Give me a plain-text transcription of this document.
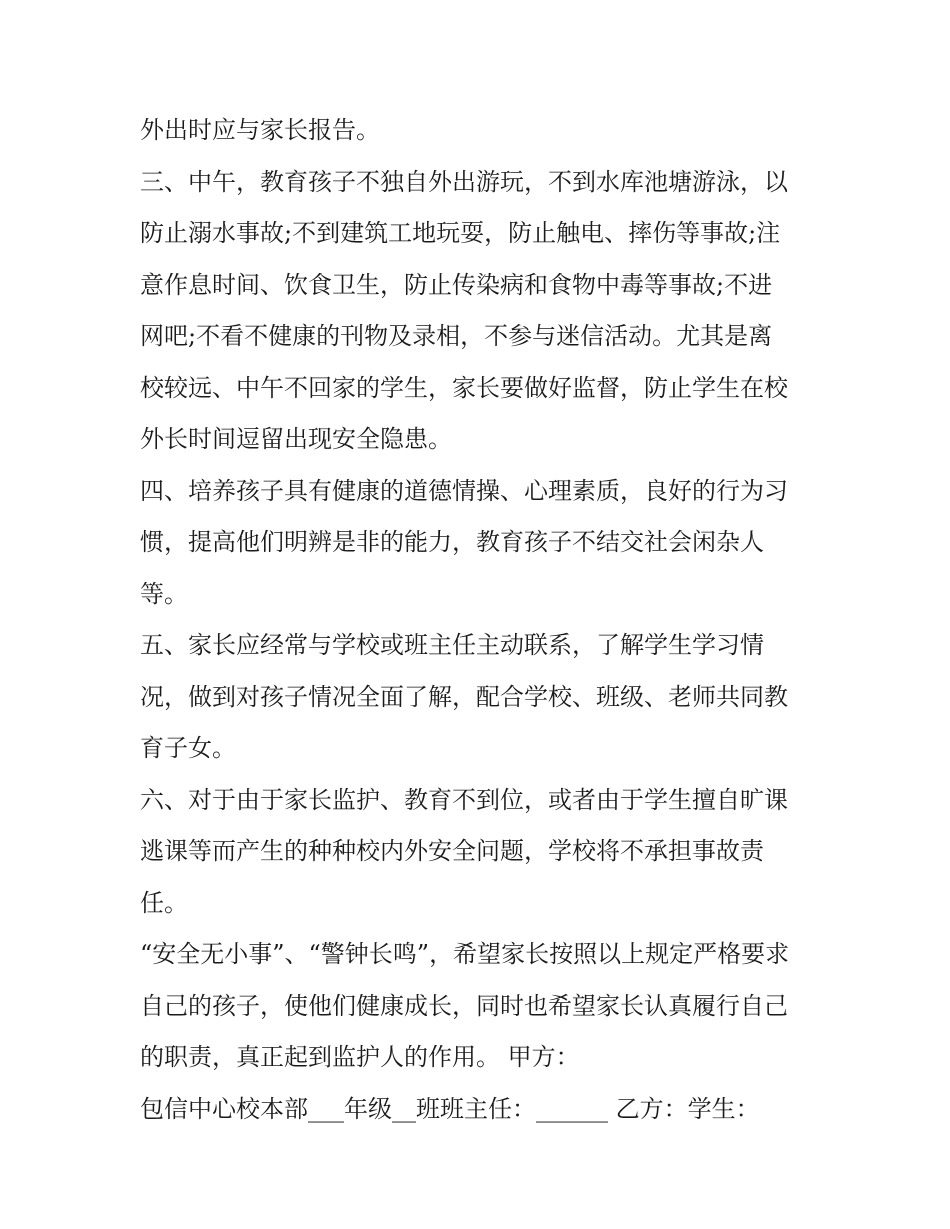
外出时应与家长报告。
三、中午，教育孩子不独自外出游玩，不到水库池塘游泳，以
防止溺水事故;不到建筑工地玩耍，防止触电、摔伤等事故;注
意作息时间、饮食卫生，防止传染病和食物中毒等事故;不进
网吧;不看不健康的刊物及录相，不参与迷信活动。尤其是离
校较远、中午不回家的学生，家长要做好监督，防止学生在校
外长时间逗留出现安全隐患。
四、培养孩子具有健康的道德情操、心理素质，良好的行为习
惯，提高他们明辨是非的能力，教育孩子不结交社会闲杂人
等。
五、家长应经常与学校或班主任主动联系，了解学生学习情
况，做到对孩子情况全面了解，配合学校、班级、老师共同教
育子女。
六、对于由于家长监护、教育不到位，或者由于学生擅自旷课
逃课等而产生的种种校内外安全问题，学校将不承担事故责
任。
“安全无小事”、“警钟长鸣”，希望家长按照以上规定严格要求
自己的孩子，使他们健康成长，同时也希望家长认真履行自己
的职责，真正起到监护人的作用。 甲方：
包信中心校本部___年级__班班主任：______ 乙方：学生：
